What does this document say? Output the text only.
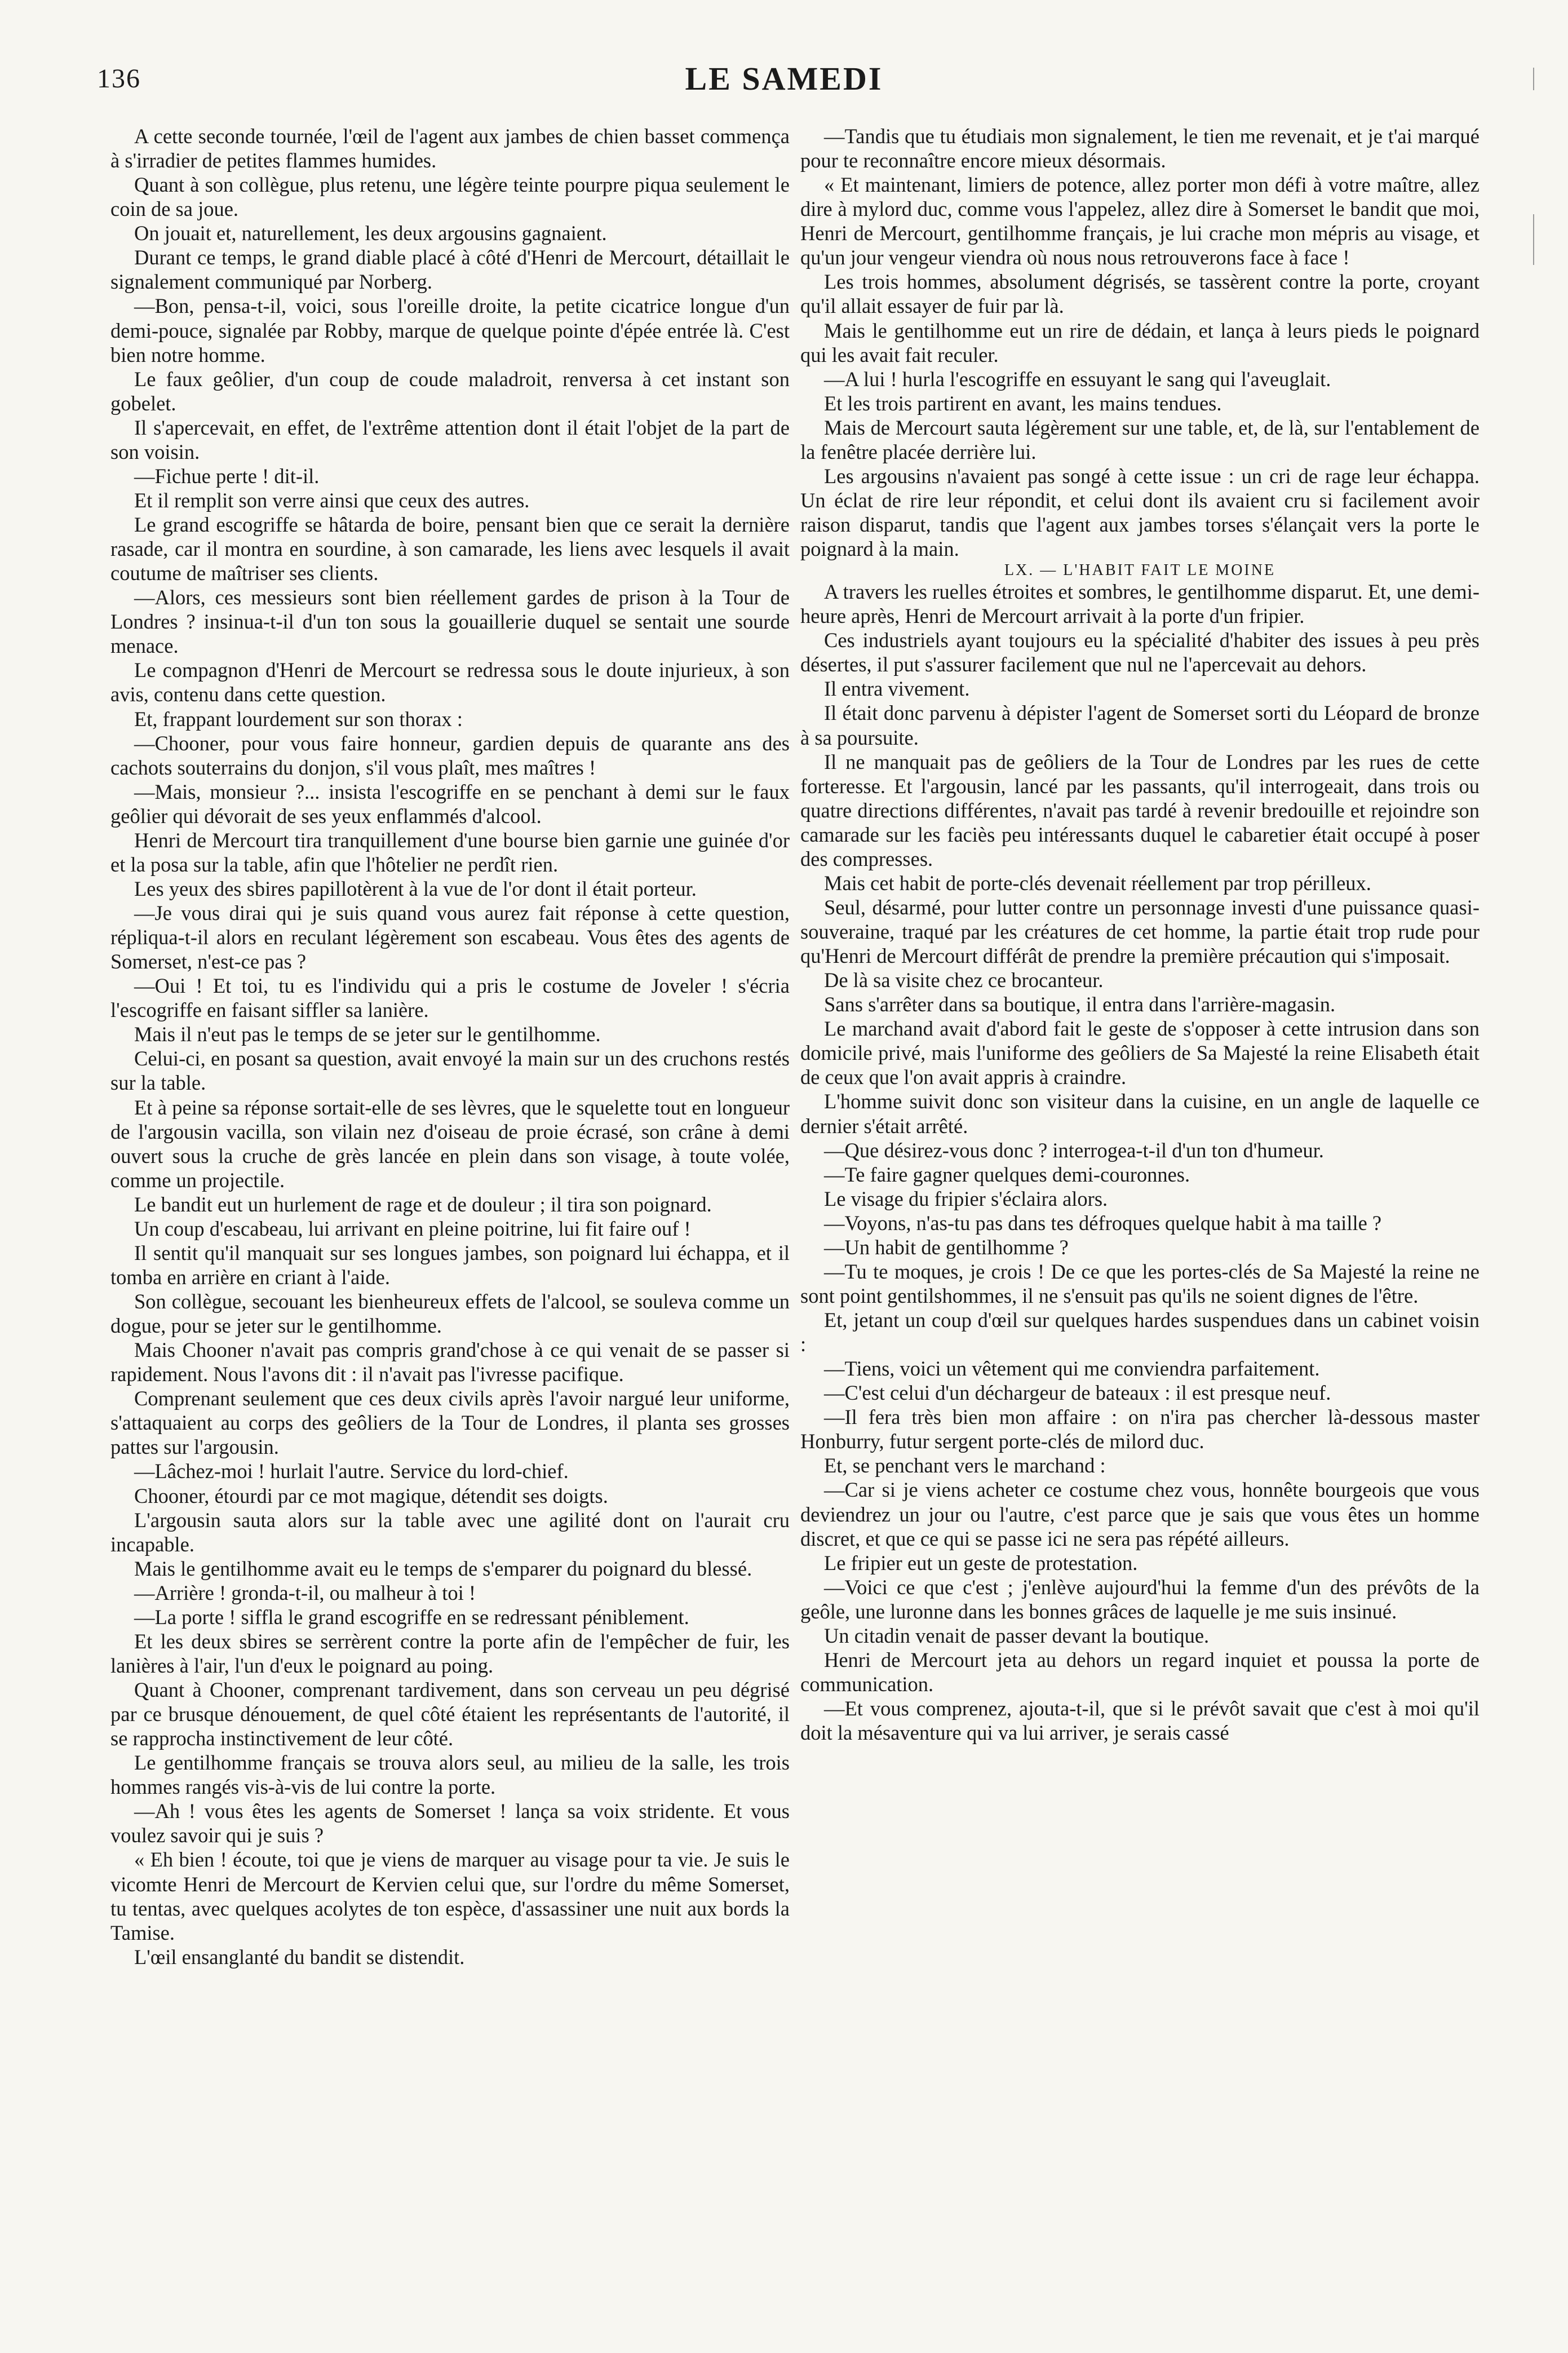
136	LE SAMEDI

A cette seconde tournée, l'œil de l'agent aux jambes de chien basset commença à s'irradier de petites flammes humides.

Quant à son collègue, plus retenu, une légère teinte pourpre piqua seulement le coin de sa joue.

On jouait et, naturellement, les deux argousins gagnaient.

Durant ce temps, le grand diable placé à côté d'Henri de Mercourt, détaillait le signalement communiqué par Norberg.

—Bon, pensa-t-il, voici, sous l'oreille droite, la petite cicatrice longue d'un demi-pouce, signalée par Robby, marque de quelque pointe d'épée entrée là. C'est bien notre homme.

Le faux geôlier, d'un coup de coude maladroit, renversa à cet instant son gobelet.

Il s'apercevait, en effet, de l'extrême attention dont il était l'objet de la part de son voisin.

—Fichue perte ! dit-il.

Et il remplit son verre ainsi que ceux des autres.

Le grand escogriffe se hâtarda de boire, pensant bien que ce serait la dernière rasade, car il montra en sourdine, à son camarade, les liens avec lesquels il avait coutume de maîtriser ses clients.

—Alors, ces messieurs sont bien réellement gardes de prison à la Tour de Londres ? insinua-t-il d'un ton sous la gouaillerie duquel se sentait une sourde menace.

Le compagnon d'Henri de Mercourt se redressa sous le doute injurieux, à son avis, contenu dans cette question.

Et, frappant lourdement sur son thorax :

—Chooner, pour vous faire honneur, gardien depuis de quarante ans des cachots souterrains du donjon, s'il vous plaît, mes maîtres !

—Mais, monsieur ?... insista l'escogriffe en se penchant à demi sur le faux geôlier qui dévorait de ses yeux enflammés d'alcool.

Henri de Mercourt tira tranquillement d'une bourse bien garnie une guinée d'or et la posa sur la table, afin que l'hôtelier ne perdît rien.

Les yeux des sbires papillotèrent à la vue de l'or dont il était porteur.

—Je vous dirai qui je suis quand vous aurez fait réponse à cette question, répliqua-t-il alors en reculant légèrement son escabeau. Vous êtes des agents de Somerset, n'est-ce pas ?

—Oui ! Et toi, tu es l'individu qui a pris le costume de Joveler ! s'écria l'escogriffe en faisant siffler sa lanière.

Mais il n'eut pas le temps de se jeter sur le gentilhomme.

Celui-ci, en posant sa question, avait envoyé la main sur un des cruchons restés sur la table.

Et à peine sa réponse sortait-elle de ses lèvres, que le squelette tout en longueur de l'argousin vacilla, son vilain nez d'oiseau de proie écrasé, son crâne à demi ouvert sous la cruche de grès lancée en plein dans son visage, à toute volée, comme un projectile.

Le bandit eut un hurlement de rage et de douleur ; il tira son poignard.

Un coup d'escabeau, lui arrivant en pleine poitrine, lui fit faire ouf !

Il sentit qu'il manquait sur ses longues jambes, son poignard lui échappa, et il tomba en arrière en criant à l'aide.

Son collègue, secouant les bienheureux effets de l'alcool, se souleva comme un dogue, pour se jeter sur le gentilhomme.

Mais Chooner n'avait pas compris grand'chose à ce qui venait de se passer si rapidement. Nous l'avons dit : il n'avait pas l'ivresse pacifique.

Comprenant seulement que ces deux civils après l'avoir nargué leur uniforme, s'attaquaient au corps des geôliers de la Tour de Londres, il planta ses grosses pattes sur l'argousin.

—Lâchez-moi ! hurlait l'autre. Service du lord-chief.

Chooner, étourdi par ce mot magique, détendit ses doigts.

L'argousin sauta alors sur la table avec une agilité dont on l'aurait cru incapable.

Mais le gentilhomme avait eu le temps de s'emparer du poignard du blessé.

—Arrière ! gronda-t-il, ou malheur à toi !

—La porte ! siffla le grand escogriffe en se redressant péniblement.

Et les deux sbires se serrèrent contre la porte afin de l'empêcher de fuir, les lanières à l'air, l'un d'eux le poignard au poing.

Quant à Chooner, comprenant tardivement, dans son cerveau un peu dégrisé par ce brusque dénouement, de quel côté étaient les représentants de l'autorité, il se rapprocha instinctivement de leur côté.

Le gentilhomme français se trouva alors seul, au milieu de la salle, les trois hommes rangés vis-à-vis de lui contre la porte.

—Ah ! vous êtes les agents de Somerset ! lança sa voix stridente. Et vous voulez savoir qui je suis ?

« Eh bien ! écoute, toi que je viens de marquer au visage pour ta vie. Je suis le vicomte Henri de Mercourt de Kervien celui que, sur l'ordre du même Somerset, tu tentas, avec quelques acolytes de ton espèce, d'assassiner une nuit aux bords la Tamise.

L'œil ensanglanté du bandit se distendit.

—Tandis que tu étudiais mon signalement, le tien me revenait, et je t'ai marqué pour te reconnaître encore mieux désormais.

« Et maintenant, limiers de potence, allez porter mon défi à votre maître, allez dire à mylord duc, comme vous l'appelez, allez dire à Somerset le bandit que moi, Henri de Mercourt, gentilhomme français, je lui crache mon mépris au visage, et qu'un jour vengeur viendra où nous nous retrouverons face à face !

Les trois hommes, absolument dégrisés, se tassèrent contre la porte, croyant qu'il allait essayer de fuir par là.

Mais le gentilhomme eut un rire de dédain, et lança à leurs pieds le poignard qui les avait fait reculer.

—A lui ! hurla l'escogriffe en essuyant le sang qui l'aveuglait.

Et les trois partirent en avant, les mains tendues.

Mais de Mercourt sauta légèrement sur une table, et, de là, sur l'entablement de la fenêtre placée derrière lui.

Les argousins n'avaient pas songé à cette issue : un cri de rage leur échappa. Un éclat de rire leur répondit, et celui dont ils avaient cru si facilement avoir raison disparut, tandis que l'agent aux jambes torses s'élançait vers la porte le poignard à la main.

LX. — L'HABIT FAIT LE MOINE

A travers les ruelles étroites et sombres, le gentilhomme disparut. Et, une demi-heure après, Henri de Mercourt arrivait à la porte d'un fripier.

Ces industriels ayant toujours eu la spécialité d'habiter des issues à peu près désertes, il put s'assurer facilement que nul ne l'apercevait au dehors.

Il entra vivement.

Il était donc parvenu à dépister l'agent de Somerset sorti du Léopard de bronze à sa poursuite.

Il ne manquait pas de geôliers de la Tour de Londres par les rues de cette forteresse. Et l'argousin, lancé par les passants, qu'il interrogeait, dans trois ou quatre directions différentes, n'avait pas tardé à revenir bredouille et rejoindre son camarade sur les faciès peu intéressants duquel le cabaretier était occupé à poser des compresses.

Mais cet habit de porte-clés devenait réellement par trop périlleux.

Seul, désarmé, pour lutter contre un personnage investi d'une puissance quasi-souveraine, traqué par les créatures de cet homme, la partie était trop rude pour qu'Henri de Mercourt différât de prendre la première précaution qui s'imposait.

De là sa visite chez ce brocanteur.

Sans s'arrêter dans sa boutique, il entra dans l'arrière-magasin.

Le marchand avait d'abord fait le geste de s'opposer à cette intrusion dans son domicile privé, mais l'uniforme des geôliers de Sa Majesté la reine Elisabeth était de ceux que l'on avait appris à craindre.

L'homme suivit donc son visiteur dans la cuisine, en un angle de laquelle ce dernier s'était arrêté.

—Que désirez-vous donc ? interrogea-t-il d'un ton d'humeur.

—Te faire gagner quelques demi-couronnes.

Le visage du fripier s'éclaira alors.

—Voyons, n'as-tu pas dans tes défroques quelque habit à ma taille ?

—Un habit de gentilhomme ?

—Tu te moques, je crois ! De ce que les portes-clés de Sa Majesté la reine ne sont point gentilshommes, il ne s'ensuit pas qu'ils ne soient dignes de l'être.

Et, jetant un coup d'œil sur quelques hardes suspendues dans un cabinet voisin :

—Tiens, voici un vêtement qui me conviendra parfaitement.

—C'est celui d'un déchargeur de bateaux : il est presque neuf.

—Il fera très bien mon affaire : on n'ira pas chercher là-dessous master Honburry, futur sergent porte-clés de milord duc.

Et, se penchant vers le marchand :

—Car si je viens acheter ce costume chez vous, honnête bourgeois que vous deviendrez un jour ou l'autre, c'est parce que je sais que vous êtes un homme discret, et que ce qui se passe ici ne sera pas répété ailleurs.

Le fripier eut un geste de protestation.

—Voici ce que c'est ; j'enlève aujourd'hui la femme d'un des prévôts de la geôle, une luronne dans les bonnes grâces de laquelle je me suis insinué.

Un citadin venait de passer devant la boutique.

Henri de Mercourt jeta au dehors un regard inquiet et poussa la porte de communication.

—Et vous comprenez, ajouta-t-il, que si le prévôt savait que c'est à moi qu'il doit la mésaventure qui va lui arriver, je serais cassé
